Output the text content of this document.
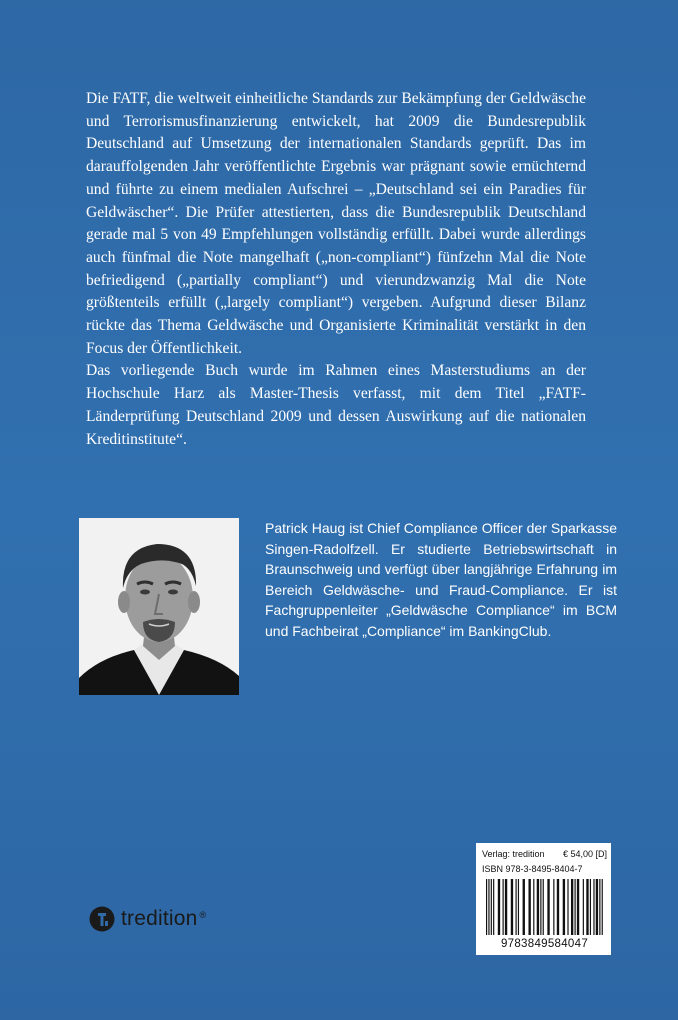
Die FATF, die weltweit einheitliche Standards zur Bekämpfung der Geldwäsche und Terrorismusfinanzierung entwickelt, hat 2009 die Bundesrepublik Deutschland auf Umsetzung der internationalen Standards geprüft. Das im darauffolgenden Jahr veröffentlichte Ergebnis war prägnant sowie ernüchternd und führte zu einem medialen Aufschrei – „Deutschland sei ein Paradies für Geldwäscher“. Die Prüfer attestierten, dass die Bundesrepublik Deutschland gerade mal 5 von 49 Empfehlungen vollständig erfüllt. Dabei wurde allerdings auch fünfmal die Note mangelhaft („non-compliant“) fünfzehn Mal die Note befriedigend („partially compliant“) und vierundzwanzig Mal die Note größtenteils erfüllt („largely compliant“) vergeben. Aufgrund dieser Bilanz rückte das Thema Geldwäsche und Organisierte Kriminalität verstärkt in den Focus der Öffentlichkeit.

Das vorliegende Buch wurde im Rahmen eines Masterstudiums an der Hochschule Harz als Master-Thesis verfasst, mit dem Titel „FATF-Länderprüfung Deutschland 2009 und dessen Auswirkung auf die nationalen Kreditinstitute“.

Patrick Haug ist Chief Compliance Officer der Sparkasse Singen-Radolfzell. Er studierte Betriebswirtschaft in Braunschweig und verfügt über langjährige Erfahrung im Bereich Geldwäsche- und Fraud-Compliance. Er ist Fachgruppenleiter „Geldwäsche Compliance“ im BCM und Fachbeirat „Compliance“ im BankingClub.

tredition ®
Verlag: tredition € 54,00 [D]
ISBN 978-3-8495-8404-7
9783849584047
